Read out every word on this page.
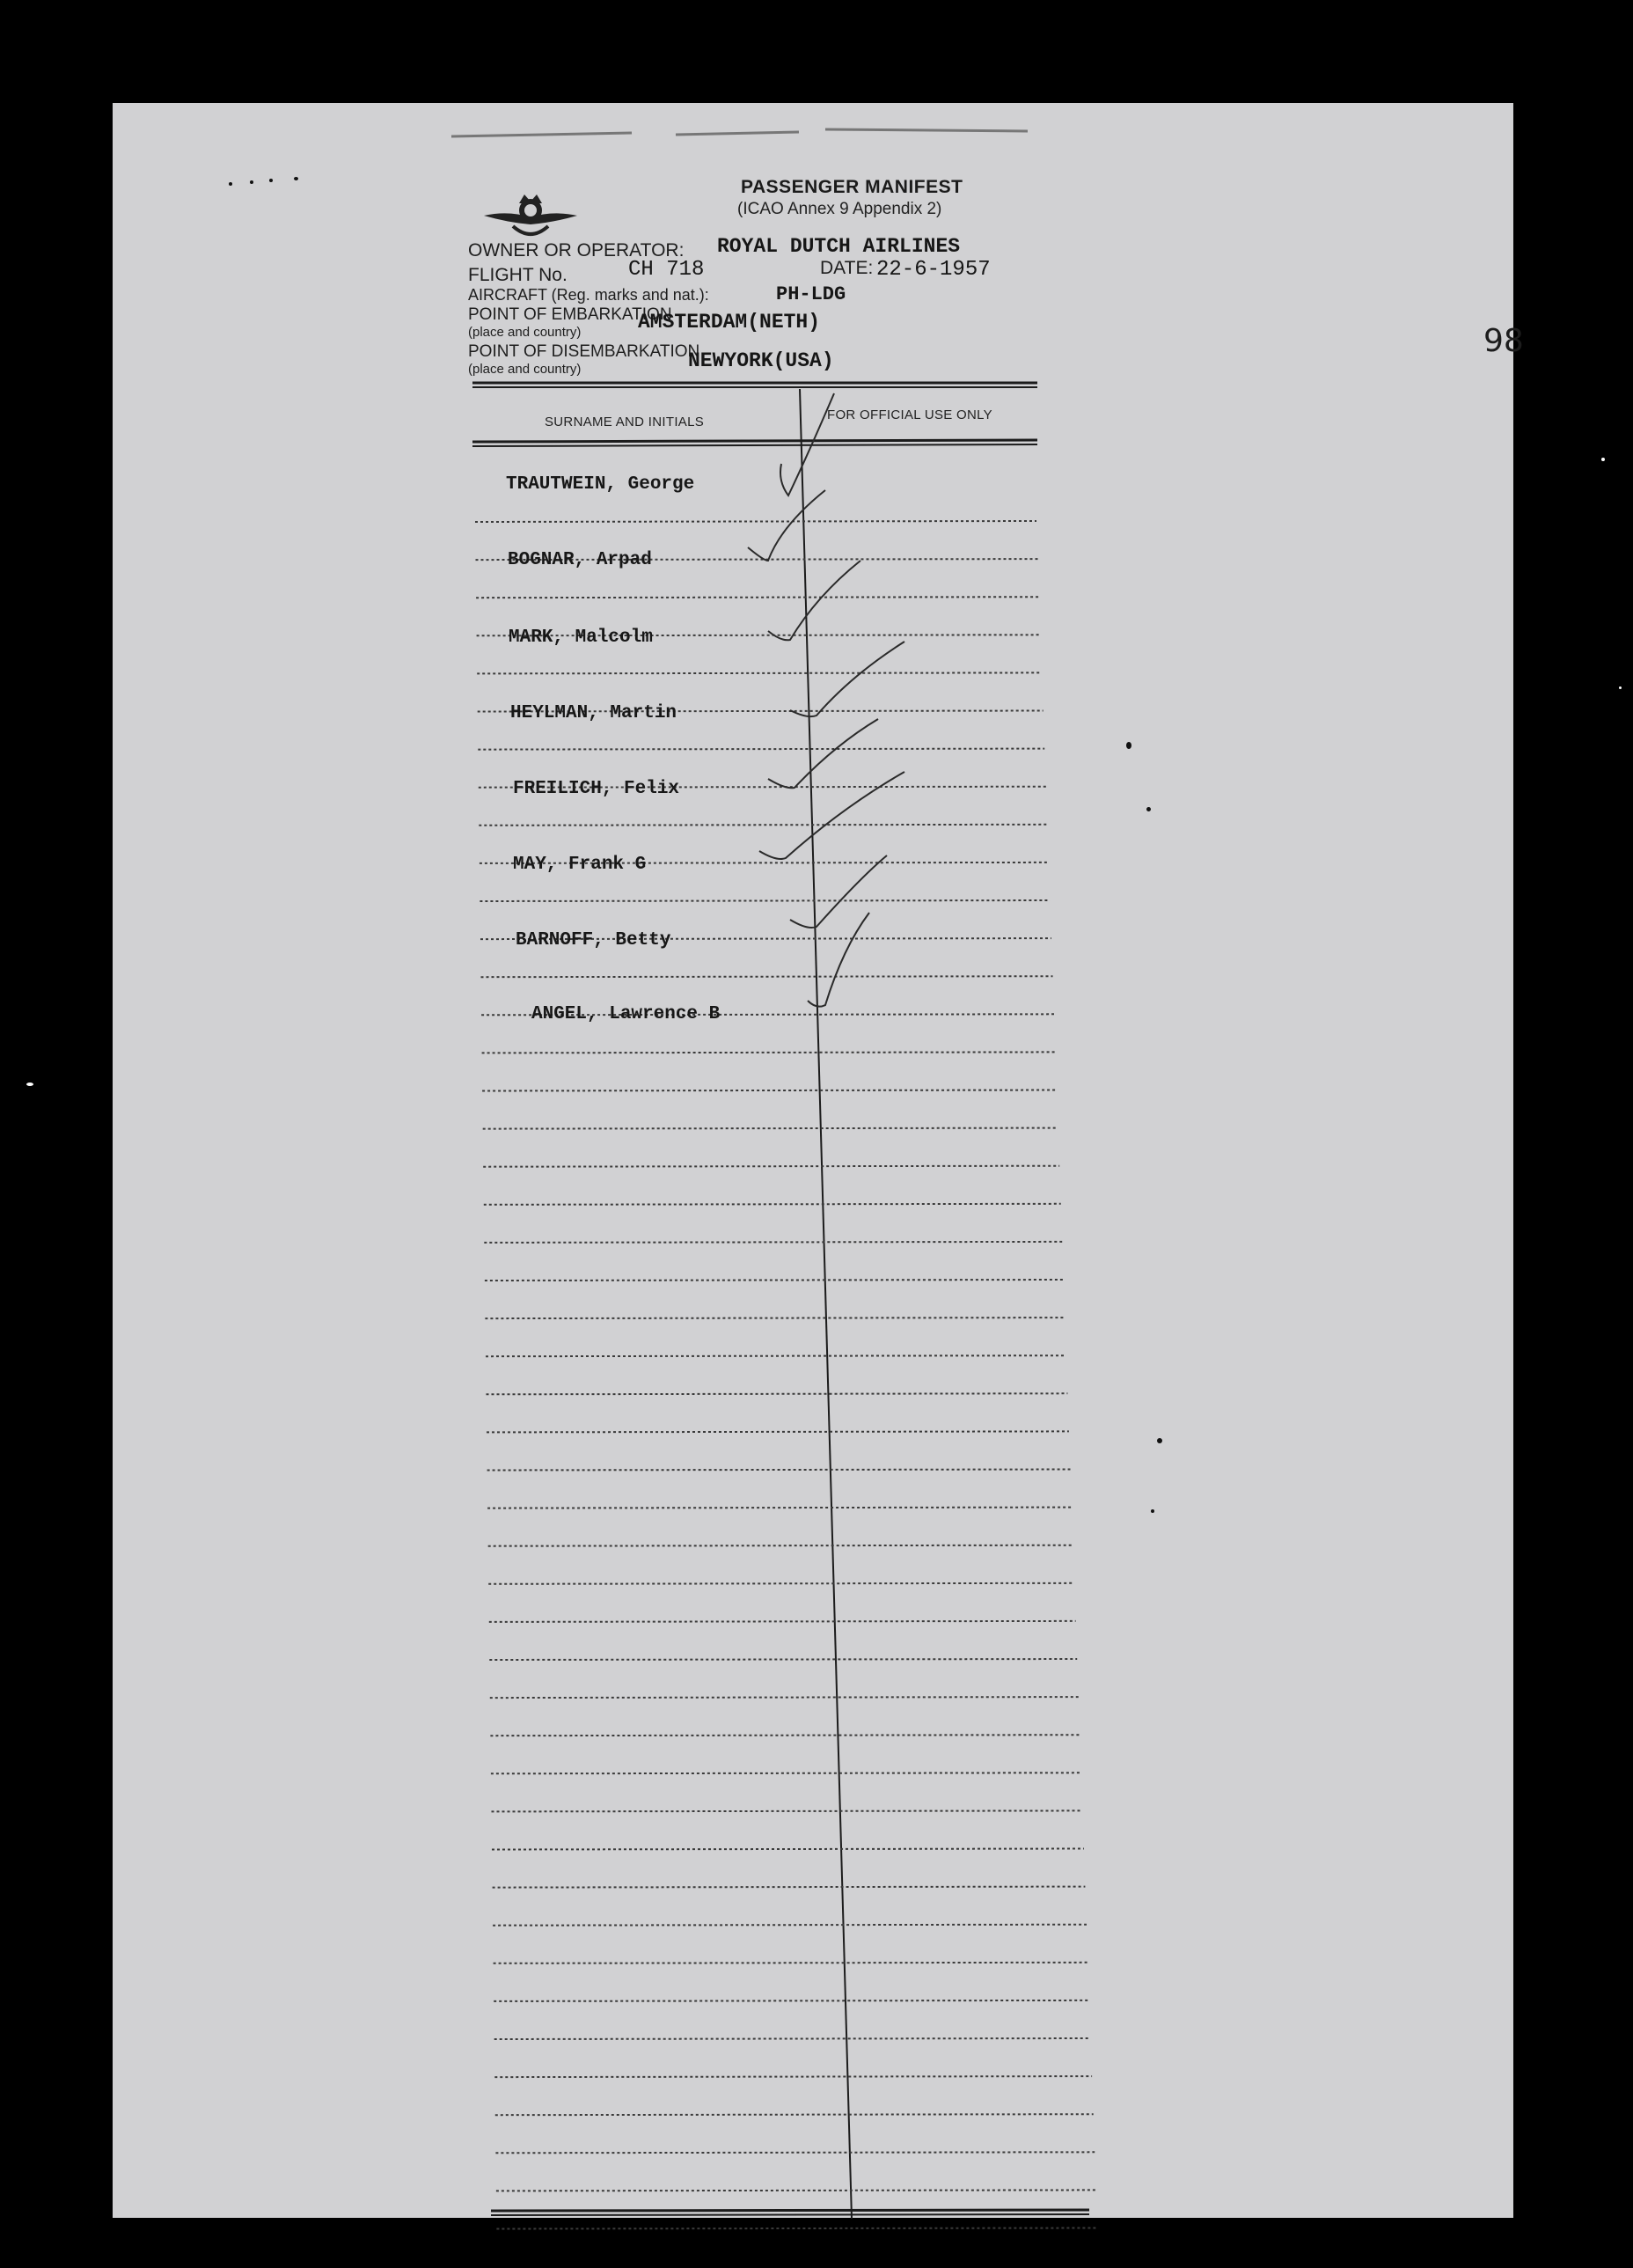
98
PASSENGER MANIFEST
(ICAO Annex 9 Appendix 2)
OWNER OR OPERATOR: ROYAL DUTCH AIRLINES
FLIGHT No.	CH 718	DATE: 22-6-1957
AIRCRAFT (Reg. marks and nat.):	PH-LDG
POINT OF EMBARKATION
(place and country)	AMSTERDAM(NETH)
POINT OF DISEMBARKATION
(place and country)	NEWYORK(USA)
SURNAME AND INITIALS	FOR OFFICIAL USE ONLY
TRAUTWEIN, George
BOGNAR, Arpad
MARK, Malcolm
HEYLMAN, Martin
FREILICH, Felix
MAY, Frank G
BARNOFF, Betty
ANGEL, Lawrence B
